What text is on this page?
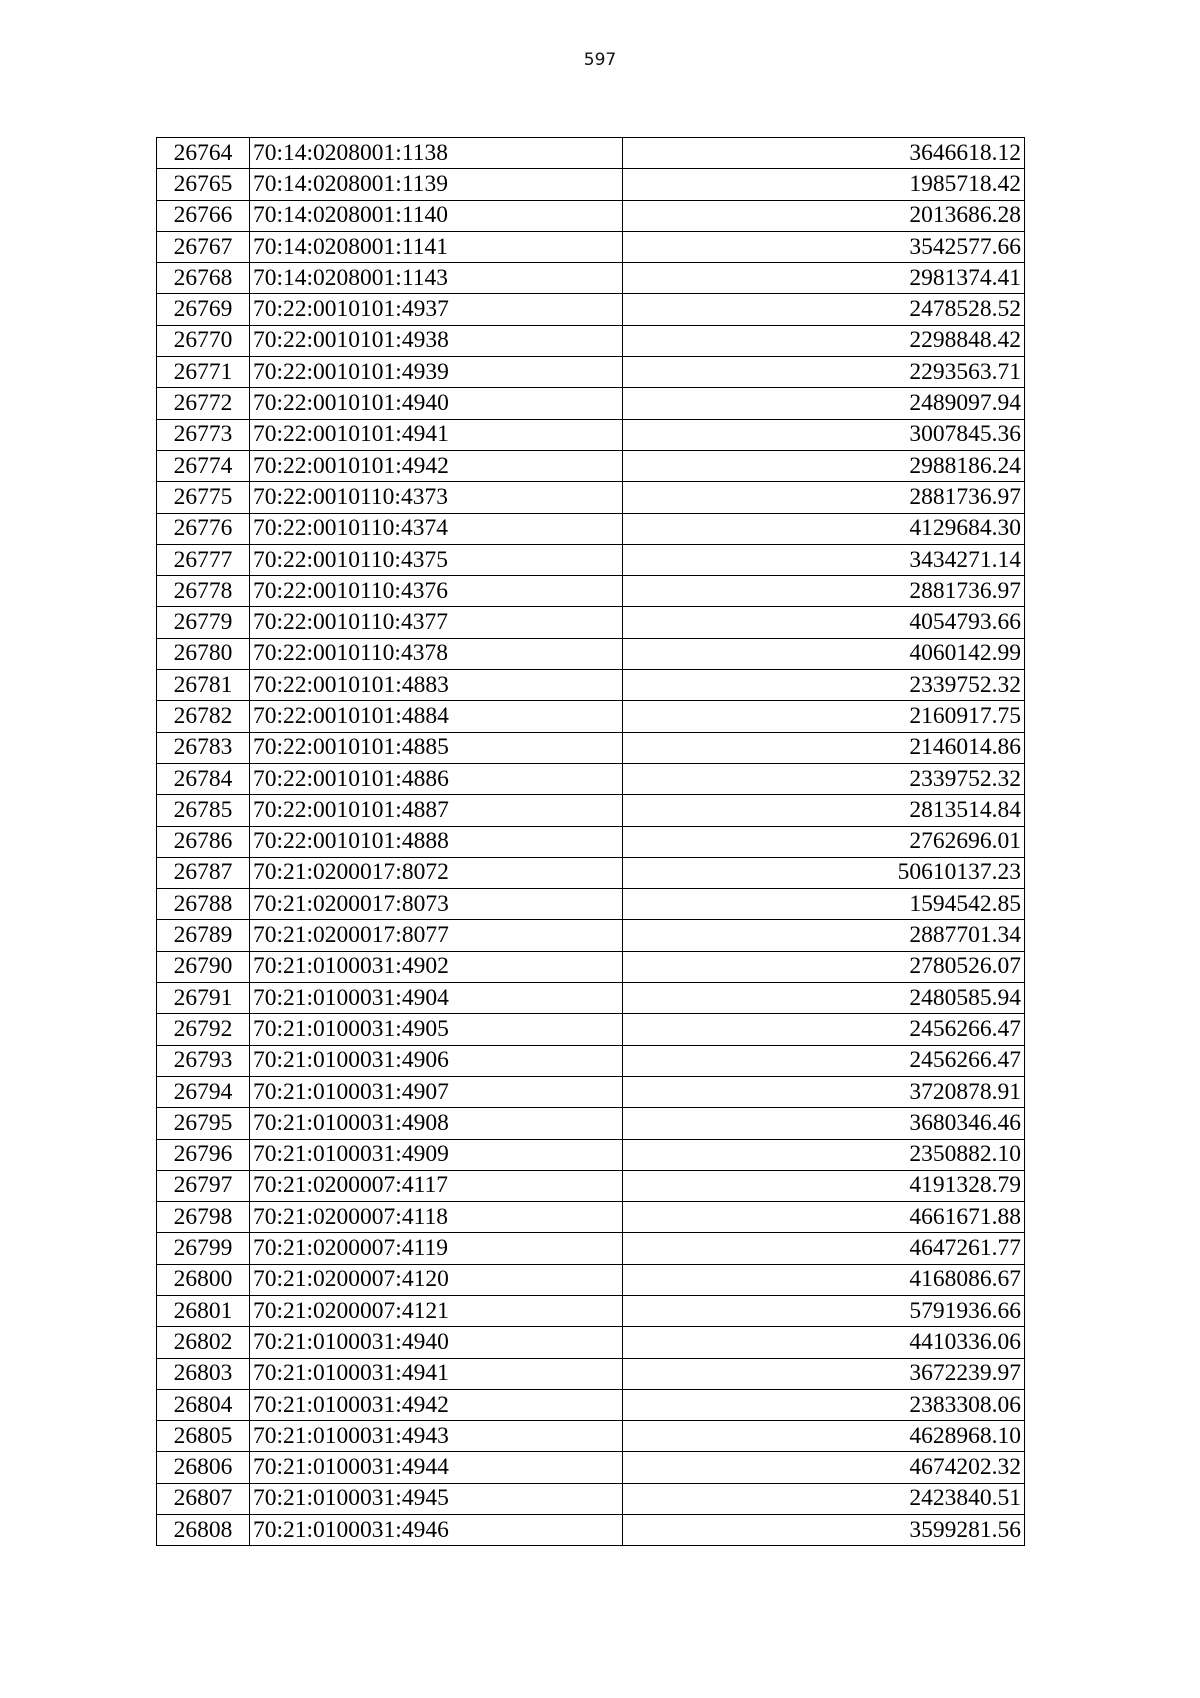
597
26764	70:14:0208001:1138	3646618.12
26765	70:14:0208001:1139	1985718.42
26766	70:14:0208001:1140	2013686.28
26767	70:14:0208001:1141	3542577.66
26768	70:14:0208001:1143	2981374.41
26769	70:22:0010101:4937	2478528.52
26770	70:22:0010101:4938	2298848.42
26771	70:22:0010101:4939	2293563.71
26772	70:22:0010101:4940	2489097.94
26773	70:22:0010101:4941	3007845.36
26774	70:22:0010101:4942	2988186.24
26775	70:22:0010110:4373	2881736.97
26776	70:22:0010110:4374	4129684.30
26777	70:22:0010110:4375	3434271.14
26778	70:22:0010110:4376	2881736.97
26779	70:22:0010110:4377	4054793.66
26780	70:22:0010110:4378	4060142.99
26781	70:22:0010101:4883	2339752.32
26782	70:22:0010101:4884	2160917.75
26783	70:22:0010101:4885	2146014.86
26784	70:22:0010101:4886	2339752.32
26785	70:22:0010101:4887	2813514.84
26786	70:22:0010101:4888	2762696.01
26787	70:21:0200017:8072	50610137.23
26788	70:21:0200017:8073	1594542.85
26789	70:21:0200017:8077	2887701.34
26790	70:21:0100031:4902	2780526.07
26791	70:21:0100031:4904	2480585.94
26792	70:21:0100031:4905	2456266.47
26793	70:21:0100031:4906	2456266.47
26794	70:21:0100031:4907	3720878.91
26795	70:21:0100031:4908	3680346.46
26796	70:21:0100031:4909	2350882.10
26797	70:21:0200007:4117	4191328.79
26798	70:21:0200007:4118	4661671.88
26799	70:21:0200007:4119	4647261.77
26800	70:21:0200007:4120	4168086.67
26801	70:21:0200007:4121	5791936.66
26802	70:21:0100031:4940	4410336.06
26803	70:21:0100031:4941	3672239.97
26804	70:21:0100031:4942	2383308.06
26805	70:21:0100031:4943	4628968.10
26806	70:21:0100031:4944	4674202.32
26807	70:21:0100031:4945	2423840.51
26808	70:21:0100031:4946	3599281.56
